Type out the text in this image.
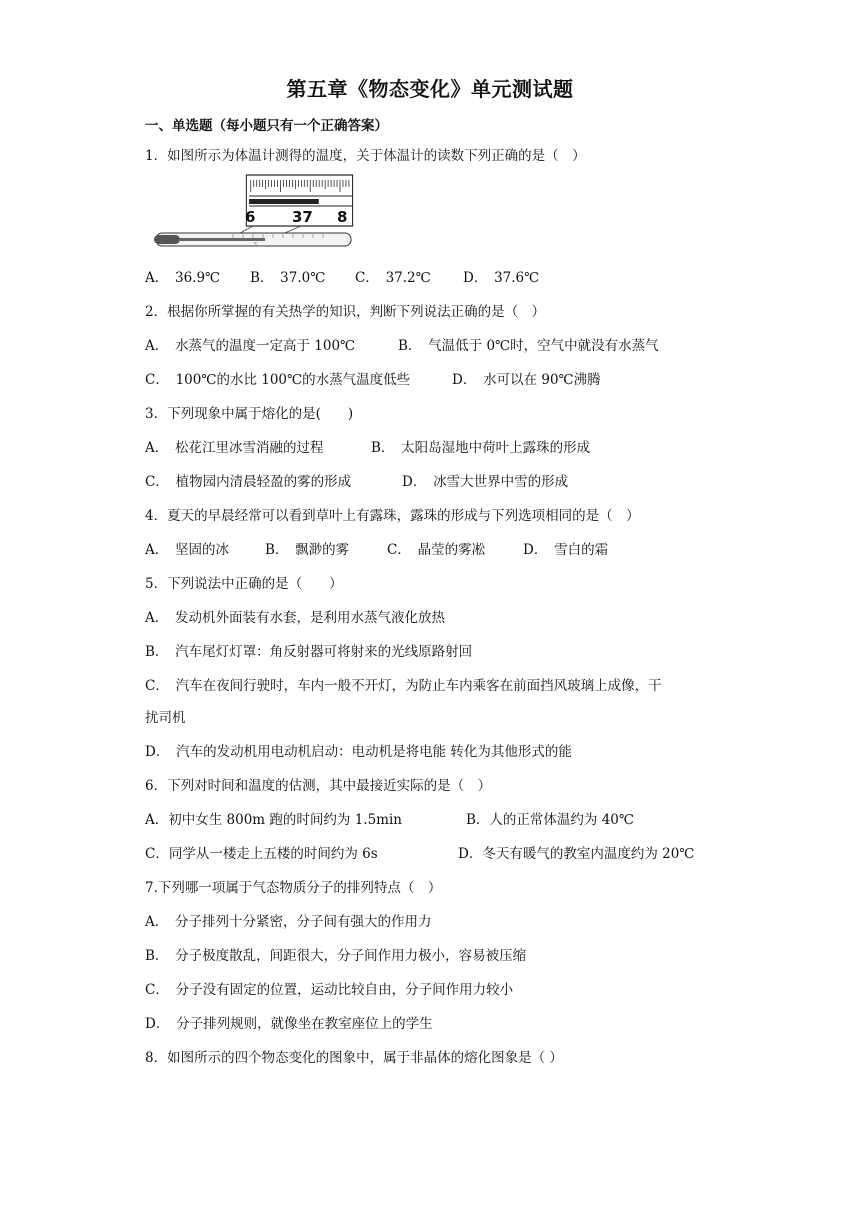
第五章《物态变化》单元测试题
一、单选题（每小题只有一个正确答案）
1．如图所示为体温计测得的温度，关于体温计的读数下列正确的是（　）
6 37 8
℃
A．　36.9℃ B．　37.0℃ C．　37.2℃ D．　37.6℃
2．根据你所掌握的有关热学的知识，判断下列说法正确的是（　）
A．　水蒸气的温度一定高于 100℃	B．　气温低于 0℃时，空气中就没有水蒸气
C．　100℃的水比 100℃的水蒸气温度低些	D．　水可以在 90℃沸腾
3．下列现象中属于熔化的是(　　)
A．　松花江里冰雪消融的过程	B．　太阳岛湿地中荷叶上露珠的形成
C．　植物园内清晨轻盈的雾的形成	D．　冰雪大世界中雪的形成
4．夏天的早晨经常可以看到草叶上有露珠，露珠的形成与下列选项相同的是（　）
A．　坚固的冰	B．　飘渺的雾	C．　晶莹的雾凇	D．　雪白的霜
5．下列说法中正确的是（　　）
A．　发动机外面装有水套，是利用水蒸气液化放热
B．　汽车尾灯灯罩：角反射器可将射来的光线原路射回
C．　汽车在夜间行驶时，车内一般不开灯，为防止车内乘客在前面挡风玻璃上成像，干
扰司机
D．　汽车的发动机用电动机启动：电动机是将电能 转化为其他形式的能
6．下列对时间和温度的估测，其中最接近实际的是（　）
A．初中女生 800m 跑的时间约为 1.5min	B．人的正常体温约为 40℃
C．同学从一楼走上五楼的时间约为 6s	D．冬天有暖气的教室内温度约为 20℃
7.下列哪一项属于气态物质分子的排列特点（　）
A．　分子排列十分紧密，分子间有强大的作用力
B．　分子极度散乱，间距很大，分子间作用力极小，容易被压缩
C．　分子没有固定的位置，运动比较自由，分子间作用力较小
D．　分子排列规则，就像坐在教室座位上的学生
8．如图所示的四个物态变化的图象中，属于非晶体的熔化图象是（ ）
